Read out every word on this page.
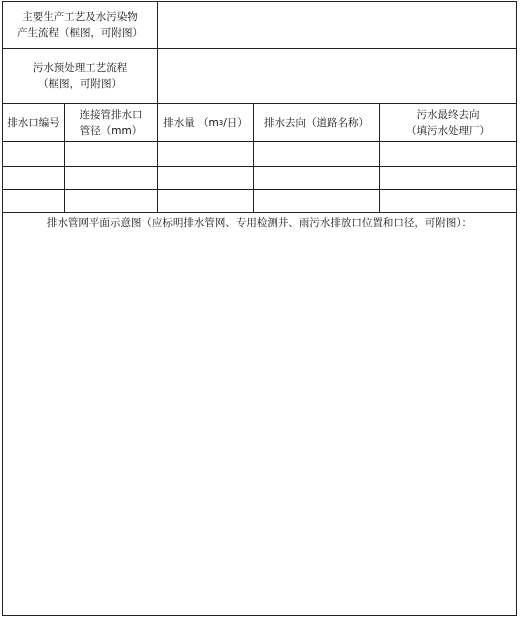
主要生产工艺及水污染物
产生流程（框图，可附图）
污水预处理工艺流程
（框图，可附图）
排水口编号
连接管排水口
管径（mm）
排水量 （m 3 /日）	排水去向（道路名称）
污水最终去向
（填污水处理厂）
排水管网平面示意图（应标明排水管网、专用检测井、雨污水排放口位置和口径，可附图）：
